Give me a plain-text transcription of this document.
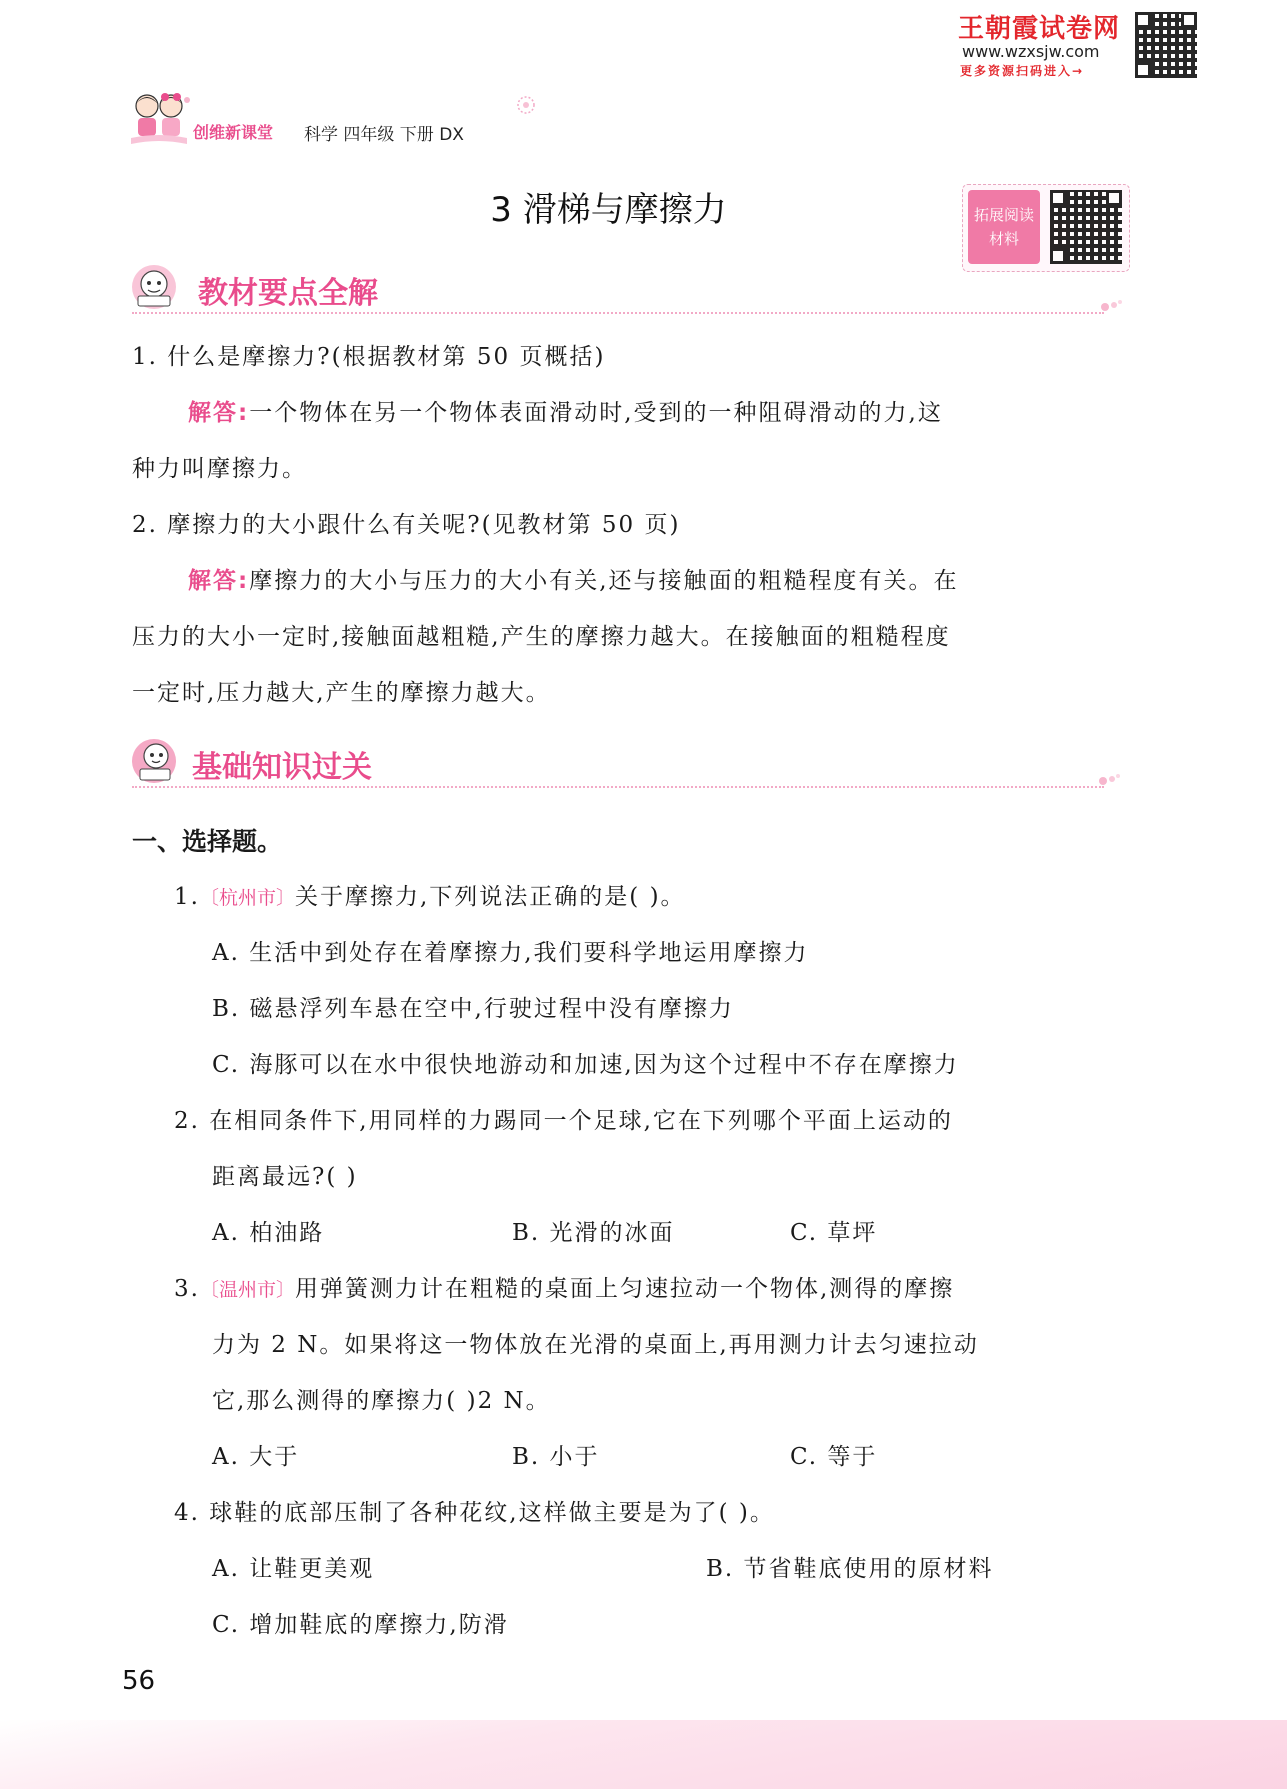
王朝霞试卷网
www.wzxsjw.com
更多资源扫码进入→
创维新课堂 科学 四年级 下册 DX
3 滑梯与摩擦力	拓展阅读
材料
教材要点全解
1. 什么是摩擦力?(根据教材第 50 页概括)
解答:一个物体在另一个物体表面滑动时,受到的一种阻碍滑动的力,这
种力叫摩擦力。
2. 摩擦力的大小跟什么有关呢?(见教材第 50 页)
解答:摩擦力的大小与压力的大小有关,还与接触面的粗糙程度有关。在
压力的大小一定时,接触面越粗糙,产生的摩擦力越大。在接触面的粗糙程度
一定时,压力越大,产生的摩擦力越大。
基础知识过关
一、选择题。
1.〔杭州市〕关于摩擦力,下列说法正确的是( )。
A. 生活中到处存在着摩擦力,我们要科学地运用摩擦力
B. 磁悬浮列车悬在空中,行驶过程中没有摩擦力
C. 海豚可以在水中很快地游动和加速,因为这个过程中不存在摩擦力
2. 在相同条件下,用同样的力踢同一个足球,它在下列哪个平面上运动的
距离最远?( )
A. 柏油路	B. 光滑的冰面	C. 草坪
3.〔温州市〕用弹簧测力计在粗糙的桌面上匀速拉动一个物体,测得的摩擦
力为 2 N。如果将这一物体放在光滑的桌面上,再用测力计去匀速拉动
它,那么测得的摩擦力( )2 N。
A. 大于	B. 小于	C. 等于
4. 球鞋的底部压制了各种花纹,这样做主要是为了( )。
A. 让鞋更美观	B. 节省鞋底使用的原材料
C. 增加鞋底的摩擦力,防滑
56
